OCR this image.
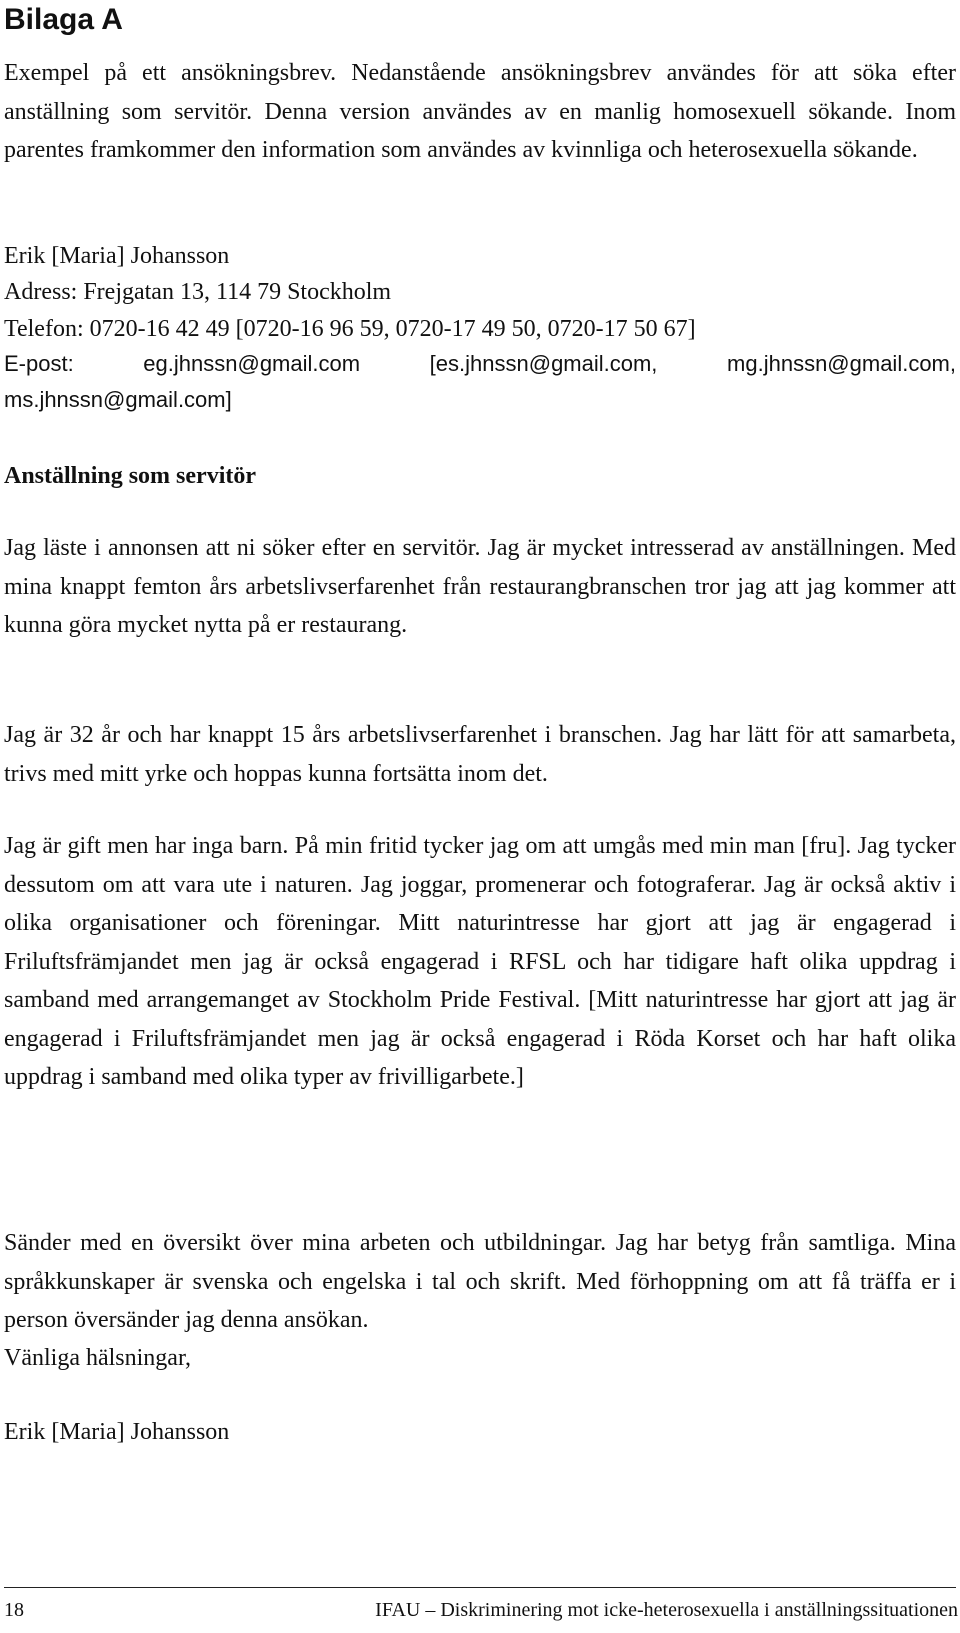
Bilaga A

Exempel på ett ansökningsbrev. Nedanstående ansökningsbrev användes för att söka efter anställning som servitör. Denna version användes av en manlig homosexuell sökande. Inom parentes framkommer den information som användes av kvinnliga och heterosexuella sökande.

Erik [Maria] Johansson

Adress: Frejgatan 13, 114 79 Stockholm

Telefon: 0720-16 42 49 [0720-16 96 59, 0720-17 49 50, 0720-17 50 67]

E-post: eg.jhnssn@gmail.com [es.jhnssn@gmail.com, mg.jhnssn@gmail.com, ms.jhnssn@gmail.com]

Anställning som servitör

Jag läste i annonsen att ni söker efter en servitör. Jag är mycket intresserad av anställningen. Med mina knappt femton års arbetslivserfarenhet från restaurangbranschen tror jag att jag kommer att kunna göra mycket nytta på er restaurang.

Jag är 32 år och har knappt 15 års arbetslivserfarenhet i branschen. Jag har lätt för att samarbeta, trivs med mitt yrke och hoppas kunna fortsätta inom det.

Jag är gift men har inga barn. På min fritid tycker jag om att umgås med min man [fru]. Jag tycker dessutom om att vara ute i naturen. Jag joggar, promenerar och fotograferar. Jag är också aktiv i olika organisationer och föreningar. Mitt naturintresse har gjort att jag är engagerad i Friluftsfrämjandet men jag är också engagerad i RFSL och har tidigare haft olika uppdrag i samband med arrangemanget av Stockholm Pride Festival. [Mitt naturintresse har gjort att jag är engagerad i Friluftsfrämjandet men jag är också engagerad i Röda Korset och har haft olika uppdrag i samband med olika typer av frivilligarbete.]

Sänder med en översikt över mina arbeten och utbildningar. Jag har betyg från samtliga. Mina språkkunskaper är svenska och engelska i tal och skrift. Med förhoppning om att få träffa er i person översänder jag denna ansökan.

Vänliga hälsningar,

Erik [Maria] Johansson

18	IFAU – Diskriminering mot icke-heterosexuella i anställningssituationen
